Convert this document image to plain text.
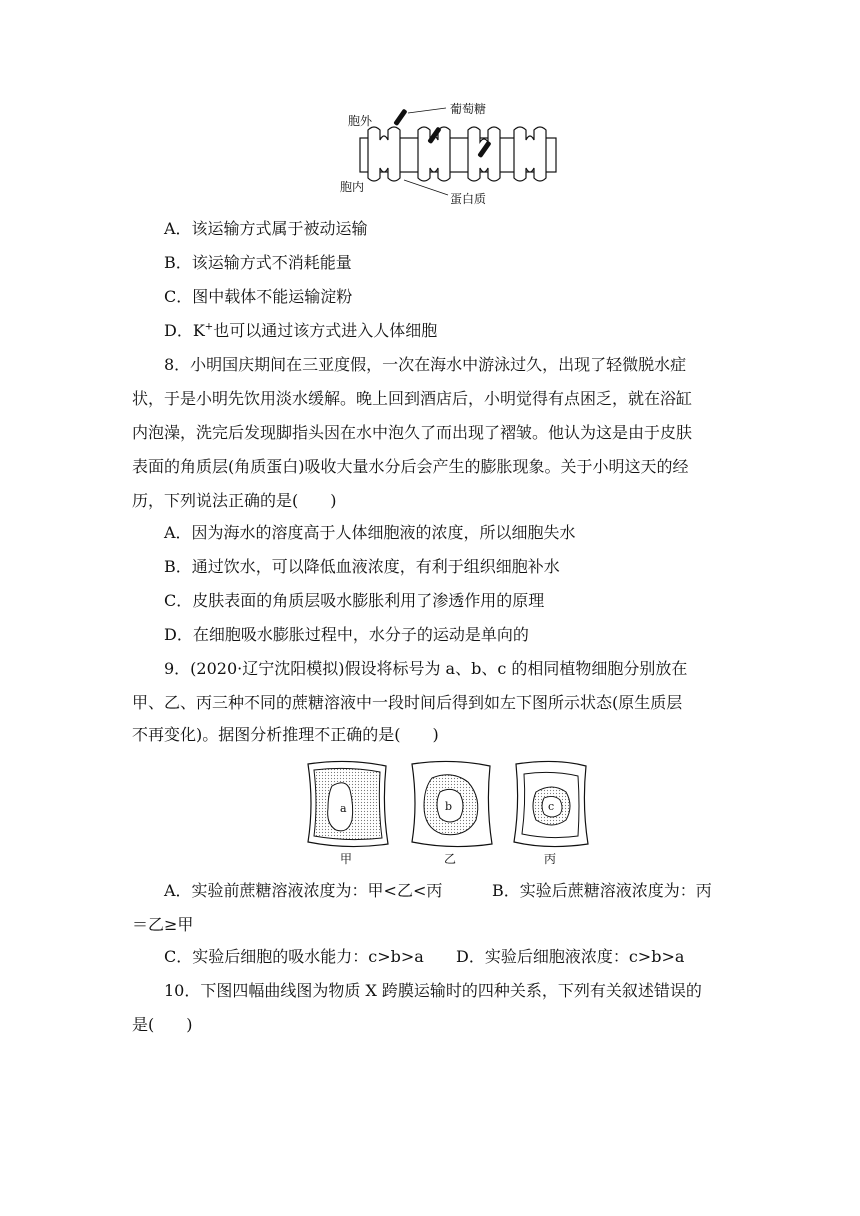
胞外
胞内
葡萄糖
蛋白质
A．该运输方式属于被动运输
B．该运输方式不消耗能量
C．图中载体不能运输淀粉
D．K+也可以通过该方式进入人体细胞
8．小明国庆期间在三亚度假，一次在海水中游泳过久，出现了轻微脱水症
状，于是小明先饮用淡水缓解。晚上回到酒店后，小明觉得有点困乏，就在浴缸
内泡澡，洗完后发现脚指头因在水中泡久了而出现了褶皱。他认为这是由于皮肤
表面的角质层(角质蛋白)吸收大量水分后会产生的膨胀现象。关于小明这天的经
历，下列说法正确的是(　　)
A．因为海水的溶度高于人体细胞液的浓度，所以细胞失水
B．通过饮水，可以降低血液浓度，有利于组织细胞补水
C．皮肤表面的角质层吸水膨胀利用了渗透作用的原理
D．在细胞吸水膨胀过程中，水分子的运动是单向的
9．(2020·辽宁沈阳模拟)假设将标号为 a、b、c 的相同植物细胞分别放在
甲、乙、丙三种不同的蔗糖溶液中一段时间后得到如左下图所示状态(原生质层
不再变化)。据图分析推理不正确的是(　　)
a	b	c
甲	乙	丙
A．实验前蔗糖溶液浓度为：甲<乙<丙	B．实验后蔗糖溶液浓度为：丙
＝乙≥甲
C．实验后细胞的吸水能力：c>b>a D．实验后细胞液浓度：c>b>a
10．下图四幅曲线图为物质 X 跨膜运输时的四种关系，下列有关叙述错误的
是(　　)
